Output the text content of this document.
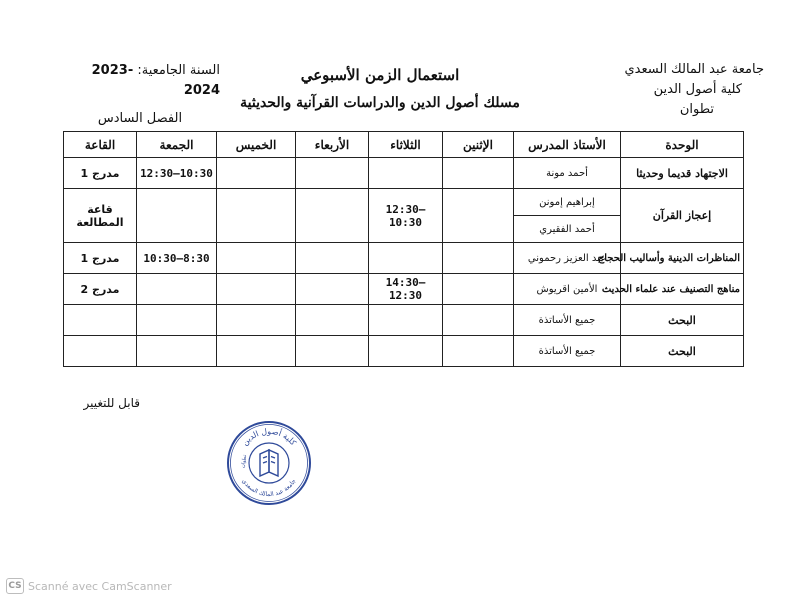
جامعة عبد المالك السعدي
كلية أصول الدين
تطوان
استعمال الزمن الأسبوعي
مسلك أصول الدين والدراسات القرآنية والحديثية
السنة الجامعية: 2023-2024
الفصل السادس
الوحدة	الأستاذ المدرس	الإثنين	الثلاثاء	الأربعاء	الخميس	الجمعة	القاعة
الاجتهاد قديما وحديثا	أحمد مونة					12:30–10:30	مدرج 1
إعجاز القرآن	إبراهيم إمونن		12:30–10:30				قاعة المطالعة
	أحمد الفقيري						
المناظرات الدينية وأساليب الحجاج	عبد العزيز رحموني					10:30–8:30	مدرج 1
مناهج التصنيف عند علماء الحديث	الأمين اقريوش		14:30–12:30				مدرج 2
البحث	جميع الأساتذة						
البحث	جميع الأساتذة						
قابل للتغيير
كلية أصول الدين
جامعة عبد المالك السعدي
تطوان
CS Scanné avec CamScanner
